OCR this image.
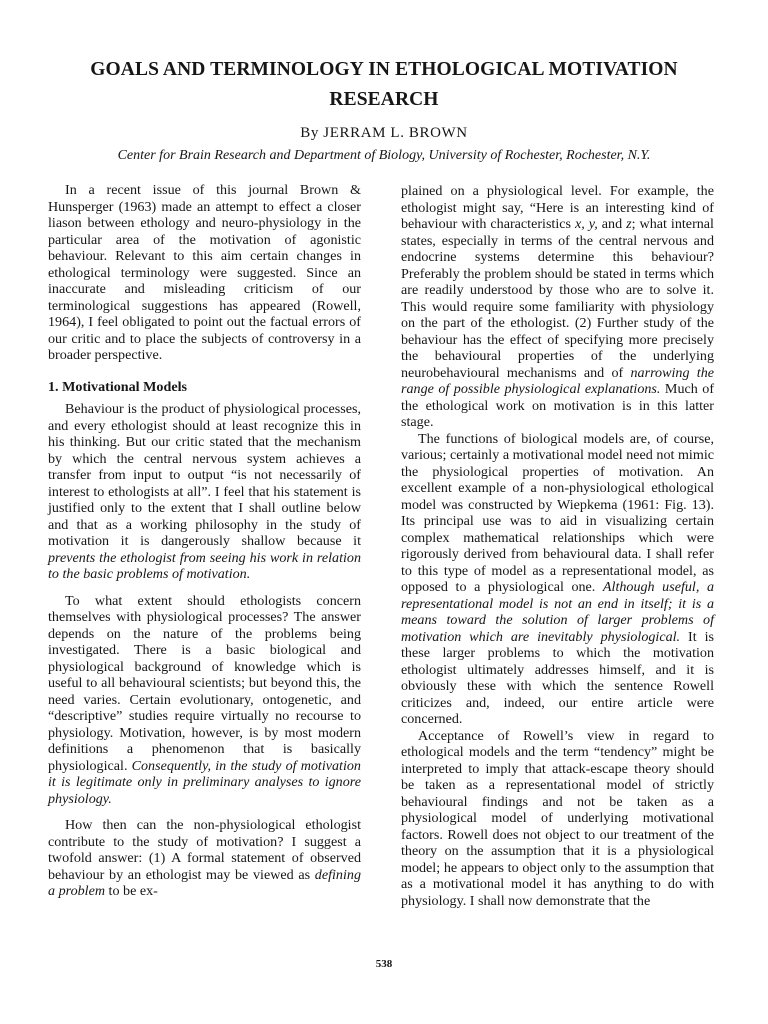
GOALS AND TERMINOLOGY IN ETHOLOGICAL MOTIVATION
RESEARCH
By JERRAM L. BROWN
Center for Brain Research and Department of Biology, University of Rochester, Rochester, N.Y.

In a recent issue of this journal Brown & Hunsperger (1963) made an attempt to effect a closer liason between ethology and neuro-physiology in the particular area of the motivation of agonistic behaviour. Relevant to this aim certain changes in ethological terminology were suggested. Since an inaccurate and misleading criticism of our terminological suggestions has appeared (Rowell, 1964), I feel obligated to point out the factual errors of our critic and to place the subjects of controversy in a broader perspective.

1. Motivational Models

Behaviour is the product of physiological processes, and every ethologist should at least recognize this in his thinking. But our critic stated that the mechanism by which the central nervous system achieves a transfer from input to output “is not necessarily of interest to ethologists at all”. I feel that his statement is justified only to the extent that I shall outline below and that as a working philosophy in the study of motivation it is dangerously shallow because it prevents the ethologist from seeing his work in relation to the basic problems of motivation.

To what extent should ethologists concern themselves with physiological processes? The answer depends on the nature of the problems being investigated. There is a basic biological and physiological background of knowledge which is useful to all behavioural scientists; but beyond this, the need varies. Certain evolutionary, ontogenetic, and “descriptive” studies require virtually no recourse to physiology. Motivation, however, is by most modern definitions a phenomenon that is basically physiological. Consequently, in the study of motivation it is legitimate only in preliminary analyses to ignore physiology.

How then can the non-physiological ethologist contribute to the study of motivation? I suggest a twofold answer: (1) A formal statement of observed behaviour by an ethologist may be viewed as defining a problem to be ex-

plained on a physiological level. For example, the ethologist might say, “Here is an interesting kind of behaviour with characteristics x, y, and z; what internal states, especially in terms of the central nervous and endocrine systems determine this behaviour? Preferably the problem should be stated in terms which are readily understood by those who are to solve it. This would require some familiarity with physiology on the part of the ethologist. (2) Further study of the behaviour has the effect of specifying more precisely the behavioural properties of the underlying neurobehavioural mechanisms and of narrowing the range of possible physiological explanations. Much of the ethological work on motivation is in this latter stage.

The functions of biological models are, of course, various; certainly a motivational model need not mimic the physiological properties of motivation. An excellent example of a non-physiological ethological model was constructed by Wiepkema (1961: Fig. 13). Its principal use was to aid in visualizing certain complex mathematical relationships which were rigorously derived from behavioural data. I shall refer to this type of model as a representational model, as opposed to a physiological one. Although useful, a representational model is not an end in itself; it is a means toward the solution of larger problems of motivation which are inevitably physiological. It is these larger problems to which the motivation ethologist ultimately addresses himself, and it is obviously these with which the sentence Rowell criticizes and, indeed, our entire article were concerned.

Acceptance of Rowell’s view in regard to ethological models and the term “tendency” might be interpreted to imply that attack-escape theory should be taken as a representational model of strictly behavioural findings and not be taken as a physiological model of underlying motivational factors. Rowell does not object to our treatment of the theory on the assumption that it is a physiological model; he appears to object only to the assumption that as a motivational model it has anything to do with physiology. I shall now demonstrate that the

538
